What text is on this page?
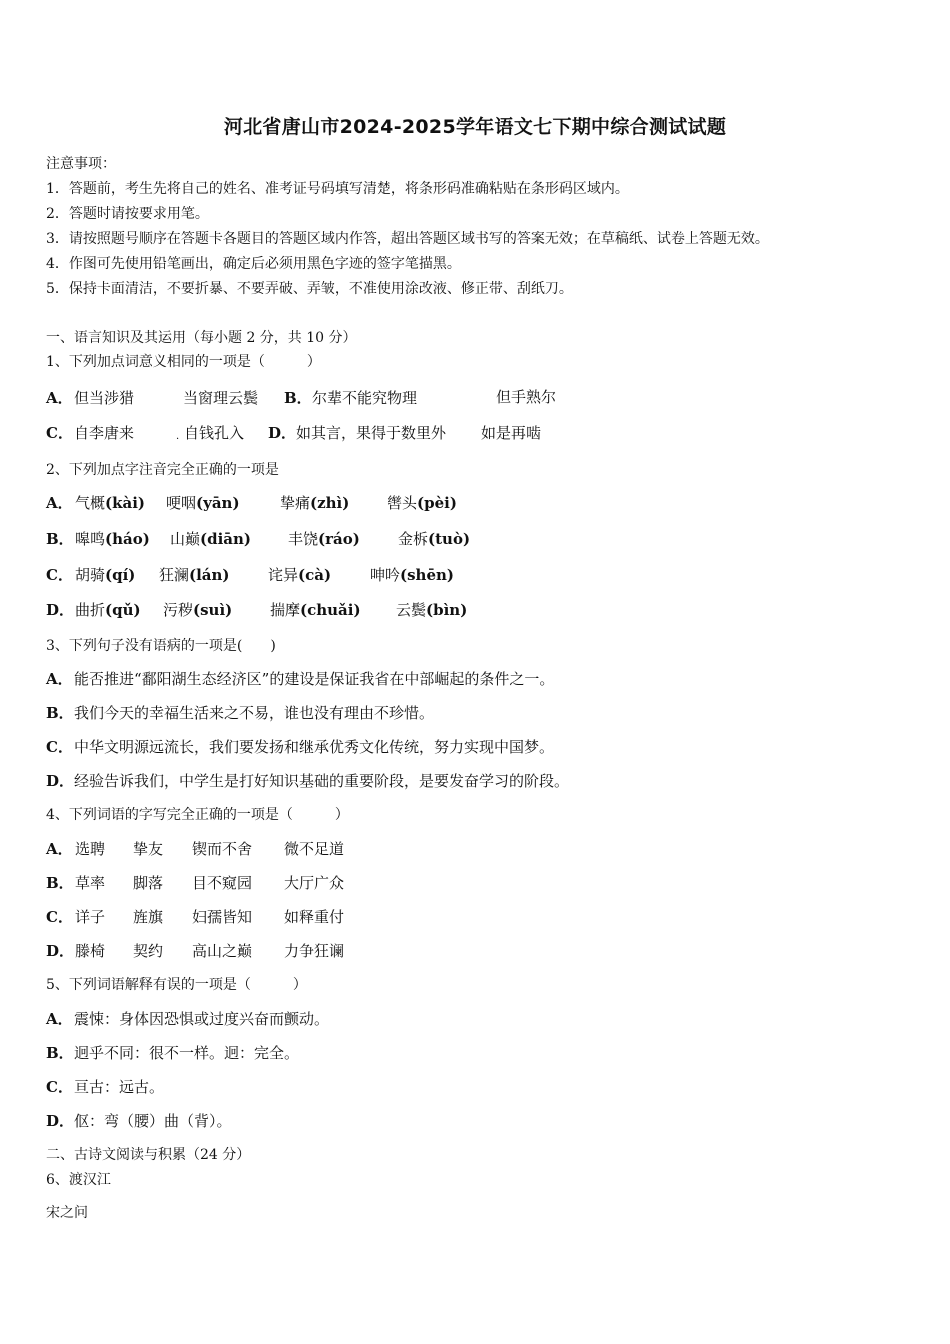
河北省唐山市2024-2025学年语文七下期中综合测试试题
注意事项：
1．答题前，考生先将自己的姓名、准考证号码填写清楚，将条形码准确粘贴在条形码区域内。
2．答题时请按要求用笔。
3．请按照题号顺序在答题卡各题目的答题区域内作答，超出答题区域书写的答案无效；在草稿纸、试卷上答题无效。
4．作图可先使用铅笔画出，确定后必须用黑色字迹的签字笔描黑。
5．保持卡面清洁，不要折暴、不要弄破、弄皱，不准使用涂改液、修正带、刮纸刀。
一、语言知识及其运用（每小题 2 分，共 10 分）
1、下列加点词意义相同的一项是（　　　）
A．但当涉猎	当窗理云鬓 B．尔辈不能究物理	但手熟尔
C．自李唐来	· 自钱孔入 D．如其言，果得于数里外 如是再啮
2、下列加点字注音完全正确的一项是
A． 气概(kài) 哽咽(yān)	挚痛(zhì)	辔头(pèi)
B． 嗥鸣(háo) 山巅(diān) 丰饶(ráo)	金柝(tuò)
C． 胡骑(qí) 狂澜(lán)	诧异(cà)	呻吟(shēn)
D． 曲折(qǔ) 污秽(suì)	揣摩(chuǎi) 云鬓(bìn)
3、下列句子没有语病的一项是(　　)
A．能否推进“鄱阳湖生态经济区”的建设是保证我省在中部崛起的条件之一。
B．我们今天的幸福生活来之不易，谁也没有理由不珍惜。
C．中华文明源远流长，我们要发扬和继承优秀文化传统，努力实现中国梦。
D．经验告诉我们，中学生是打好知识基础的重要阶段，是要发奋学习的阶段。
4、下列词语的字写完全正确的一项是（　　　）
A． 选聘 挚友 锲而不舍 微不足道
B． 草率 脚落 目不窥园 大厅广众
C． 详子 旌旗 妇孺皆知 如释重付
D． 滕椅 契约 高山之巅 力争狂谰
5、下列词语解释有误的一项是（　　　）
A．震悚：身体因恐惧或过度兴奋而颤动。
B．迥乎不同：很不一样。迥：完全。
C．亘古：远古。
D．伛：弯（腰）曲（背）。
二、古诗文阅读与积累（24 分）
6、渡汉江
宋之问
